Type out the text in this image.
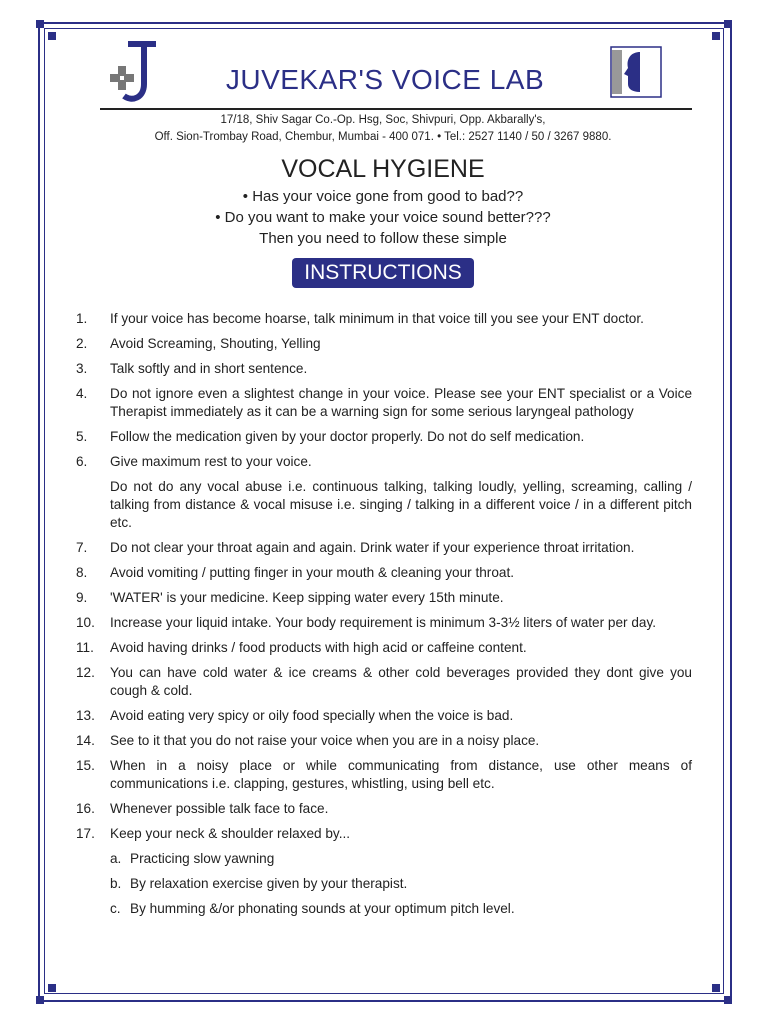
JUVEKAR'S VOICE LAB
17/18, Shiv Sagar Co.-Op. Hsg, Soc, Shivpuri, Opp. Akbarally's,
Off. Sion-Trombay Road, Chembur, Mumbai - 400 071. • Tel.: 2527 1140 / 50 / 3267 9880.
VOCAL HYGIENE
• Has your voice gone from good to bad??
• Do you want to make your voice sound better???
Then you need to follow these simple
INSTRUCTIONS
1.	If your voice has become hoarse, talk minimum in that voice till you see your ENT doctor.
2.	Avoid Screaming, Shouting, Yelling
3.	Talk softly and in short sentence.
4.	Do not ignore even a slightest change in your voice. Please see your ENT specialist or a Voice Therapist immediately as it can be a warning sign for some serious laryngeal pathology
5.	Follow the medication given by your doctor properly. Do not do self medication.
6.	Give maximum rest to your voice.
Do not do any vocal abuse i.e. continuous talking, talking loudly, yelling, screaming, calling / talking from distance & vocal misuse i.e. singing / talking in a different voice / in a different pitch etc.
7.	Do not clear your throat again and again. Drink water if your experience throat irritation.
8.	Avoid vomiting / putting finger in your mouth & cleaning your throat.
9.	'WATER' is your medicine. Keep sipping water every 15th minute.
10.	Increase your liquid intake. Your body requirement is minimum 3-3½ liters of water per day.
11.	Avoid having drinks / food products with high acid or caffeine content.
12.	You can have cold water & ice creams & other cold beverages provided they dont give you cough & cold.
13.	Avoid eating very spicy or oily food specially when the voice is bad.
14.	See to it that you do not raise your voice when you are in a noisy place.
15.	When in a noisy place or while communicating from distance, use other means of communications i.e. clapping, gestures, whistling, using bell etc.
16.	Whenever possible talk face to face.
17.	Keep your neck & shoulder relaxed by...
a. Practicing slow yawning
b. By relaxation exercise given by your therapist.
c. By humming &/or phonating sounds at your optimum pitch level.
